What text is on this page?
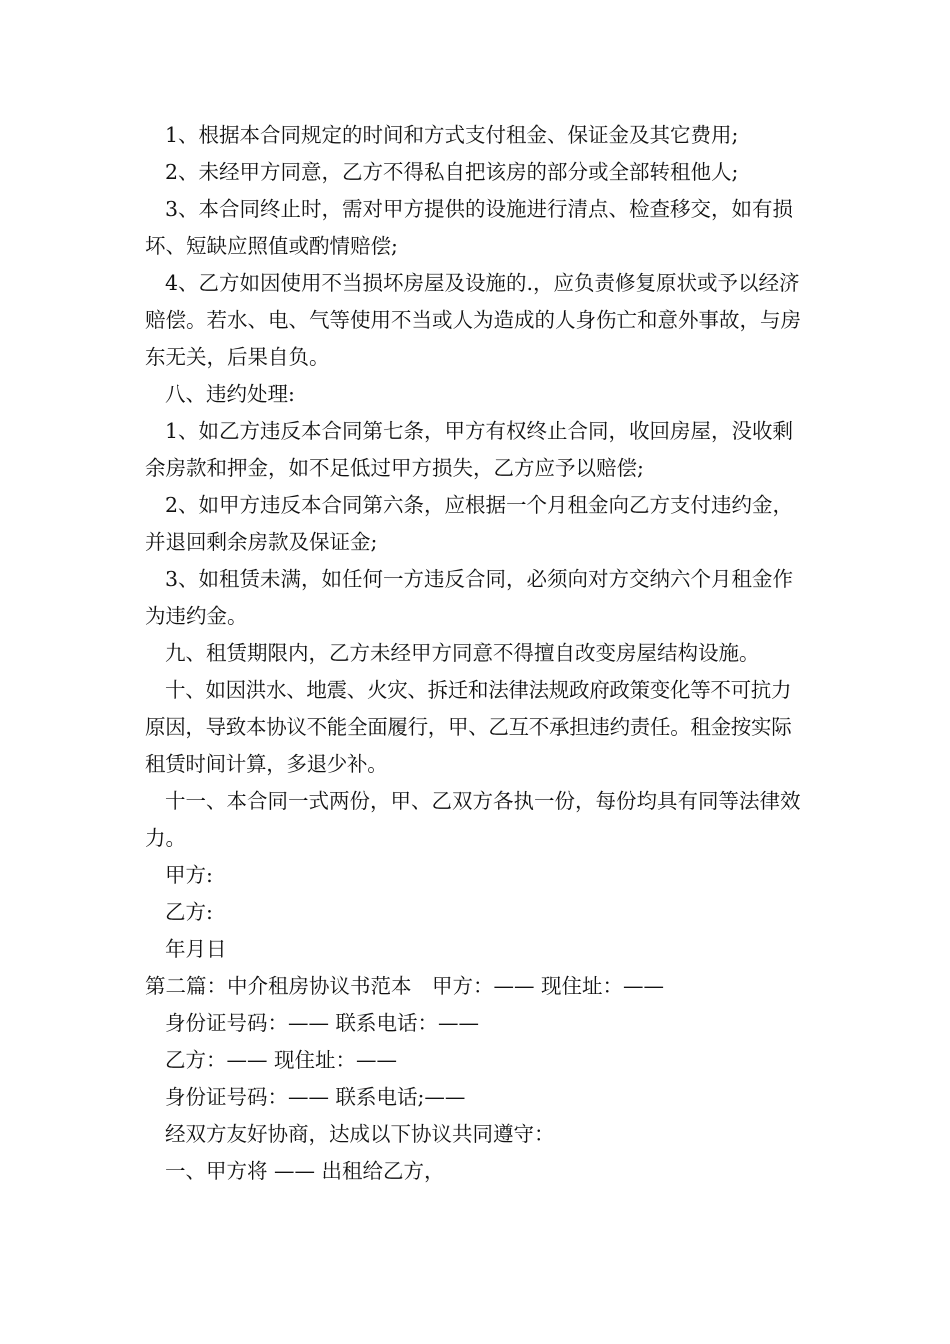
1、根据本合同规定的时间和方式支付租金、保证金及其它费用;

2、未经甲方同意，乙方不得私自把该房的部分或全部转租他人;

3、本合同终止时，需对甲方提供的设施进行清点、检查移交，如有损坏、短缺应照值或酌情赔偿;

4、乙方如因使用不当损坏房屋及设施的.，应负责修复原状或予以经济赔偿。若水、电、气等使用不当或人为造成的人身伤亡和意外事故，与房东无关，后果自负。

八、违约处理:

1、如乙方违反本合同第七条，甲方有权终止合同，收回房屋，没收剩余房款和押金，如不足低过甲方损失，乙方应予以赔偿;

2、如甲方违反本合同第六条，应根据一个月租金向乙方支付违约金，并退回剩余房款及保证金;

3、如租赁未满，如任何一方违反合同，必须向对方交纳六个月租金作为违约金。

九、租赁期限内，乙方未经甲方同意不得擅自改变房屋结构设施。

十、如因洪水、地震、火灾、拆迁和法律法规政府政策变化等不可抗力原因，导致本协议不能全面履行，甲、乙互不承担违约责任。租金按实际租赁时间计算，多退少补。

十一、本合同一式两份，甲、乙双方各执一份，每份均具有同等法律效力。

甲方:

乙方:

年月日

第二篇：中介租房协议书范本　甲方：—— 现住址：——

身份证号码：—— 联系电话：——

乙方：—— 现住址：——

身份证号码：—— 联系电话;——

经双方友好协商，达成以下协议共同遵守：

一、甲方将 —— 出租给乙方，
